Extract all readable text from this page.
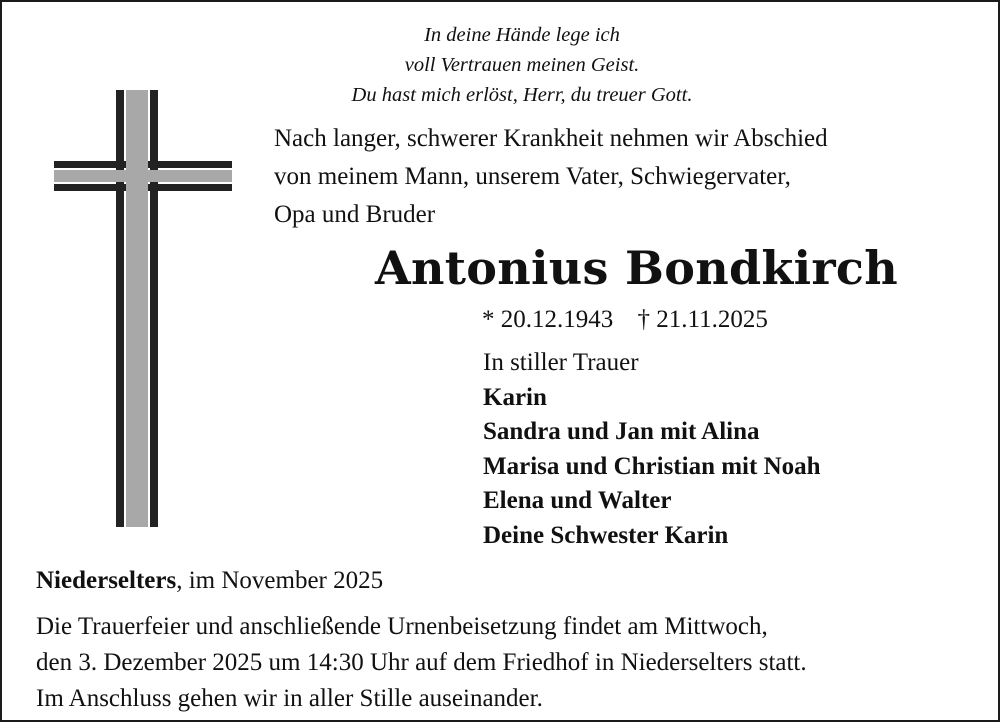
In deine Hände lege ich
voll Vertrauen meinen Geist.
Du hast mich erlöst, Herr, du treuer Gott.
Nach langer, schwerer Krankheit nehmen wir Abschied
von meinem Mann, unserem Vater, Schwiegervater,
Opa und Bruder
Antonius Bondkirch
* 20.12.1943 † 21.11.2025
In stiller Trauer
Karin
Sandra und Jan mit Alina
Marisa und Christian mit Noah
Elena und Walter
Deine Schwester Karin
Niederselters, im November 2025
Die Trauerfeier und anschließende Urnenbeisetzung findet am Mittwoch,
den 3. Dezember 2025 um 14:30 Uhr auf dem Friedhof in Niederselters statt.
Im Anschluss gehen wir in aller Stille auseinander.
